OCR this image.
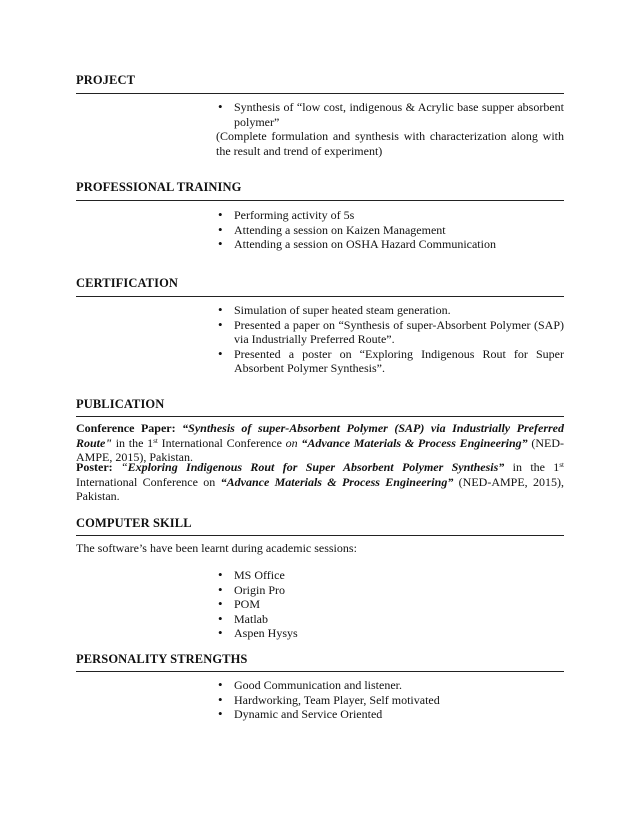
PROJECT
• Synthesis of “low cost, indigenous & Acrylic base supper absorbent polymer”
(Complete formulation and synthesis with characterization along with the result and trend of experiment)
PROFESSIONAL TRAINING
• Performing activity of 5s
• Attending a session on Kaizen Management
• Attending a session on OSHA Hazard Communication
CERTIFICATION
• Simulation of super heated steam generation.
• Presented a paper on “Synthesis of super-Absorbent Polymer (SAP) via Industrially Preferred Route”.
• Presented a poster on “Exploring Indigenous Rout for Super Absorbent Polymer Synthesis”.
PUBLICATION
Conference Paper: “Synthesis of super-Absorbent Polymer (SAP) via Industrially Preferred Route" in the 1st International Conference on “Advance Materials & Process Engineering” (NED-AMPE, 2015), Pakistan.
Poster: “Exploring Indigenous Rout for Super Absorbent Polymer Synthesis” in the 1st International Conference on “Advance Materials & Process Engineering” (NED-AMPE, 2015), Pakistan.
COMPUTER SKILL
The software’s have been learnt during academic sessions:
• MS Office
• Origin Pro
• POM
• Matlab
• Aspen Hysys
PERSONALITY STRENGTHS
• Good Communication and listener.
• Hardworking, Team Player, Self motivated
• Dynamic and Service Oriented
